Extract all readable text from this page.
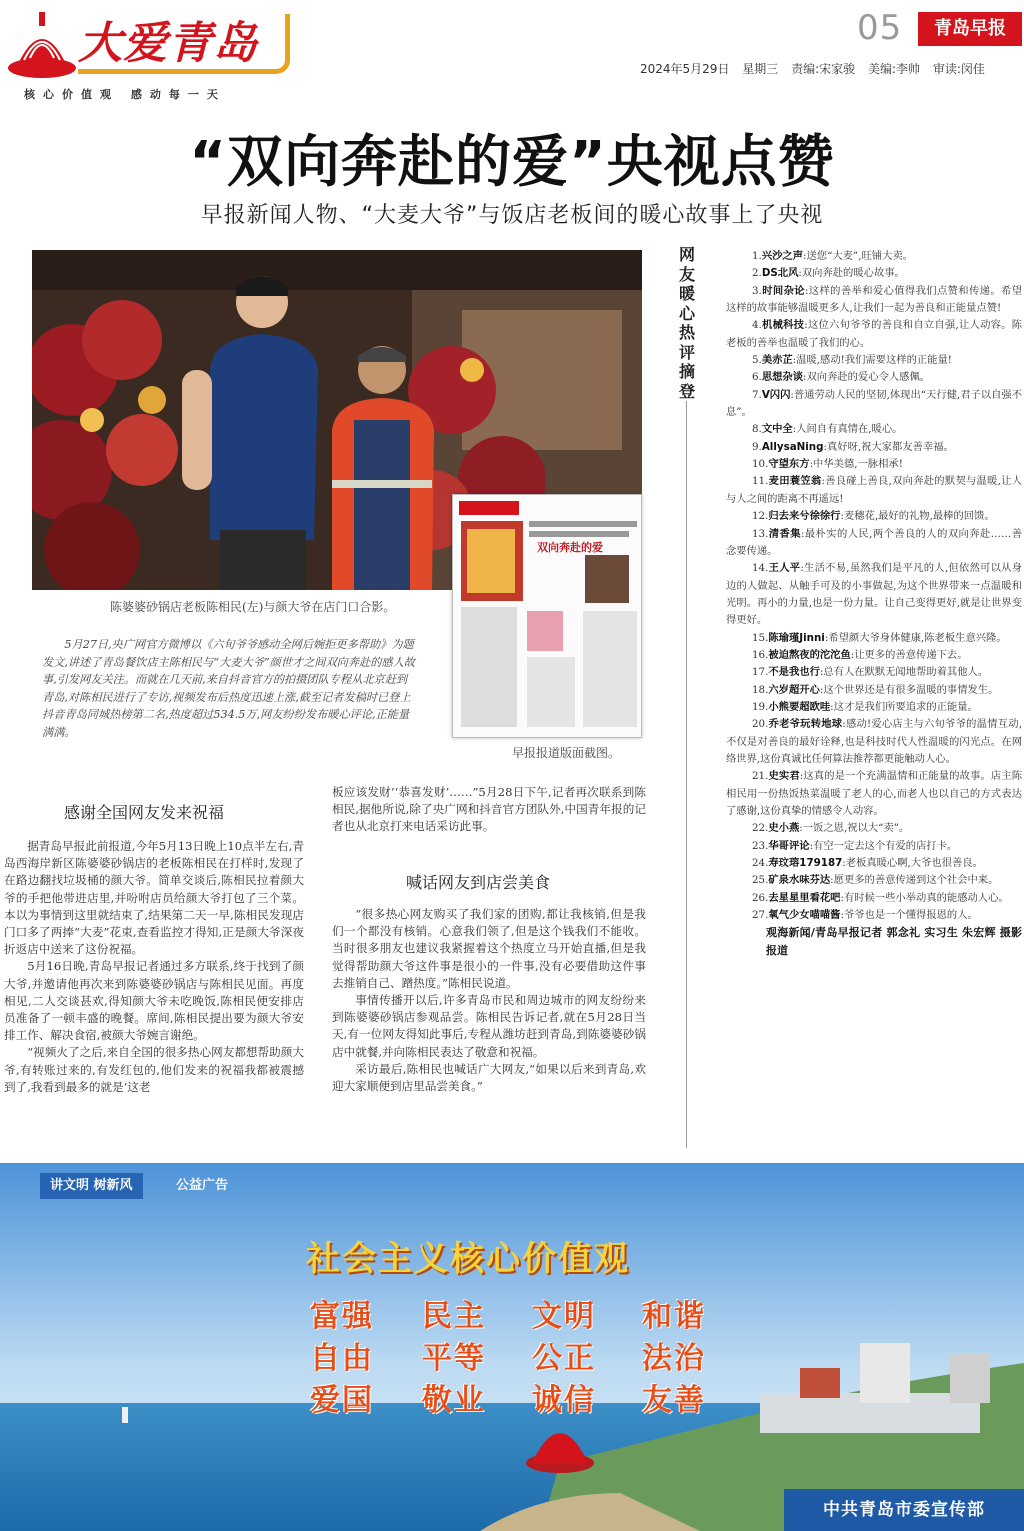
大爱青岛
核心价值观 感动每一天
05	青岛早报
2024年5月29日 星期三 责编:宋家骏 美编:李帅 审读:闵佳
“双向奔赴的爱”央视点赞
早报新闻人物、“大麦大爷”与饭店老板间的暖心故事上了央视
陈婆婆砂锅店老板陈相民(左)与颜大爷在店门口合影。
双向奔赴的爱
早报报道版面截图。

5月27日,央广网官方微博以《六旬爷爷感动全网后婉拒更多帮助》为题发文,讲述了青岛餐饮店主陈相民与“大麦大爷”颜世才之间双向奔赴的感人故事,引发网友关注。而就在几天前,来自抖音官方的拍摄团队专程从北京赶到青岛,对陈相民进行了专访,视频发布后热度迅速上涨,截至记者发稿时已登上抖音青岛同城热榜第二名,热度超过534.5万,网友纷纷发布暖心评论,正能量满满。

感谢全国网友发来祝福

据青岛早报此前报道,今年5月13日晚上10点半左右,青岛西海岸新区陈婆婆砂锅店的老板陈相民在打样时,发现了在路边翻找垃圾桶的颜大爷。简单交谈后,陈相民拉着颜大爷的手把他带进店里,并吩咐店员给颜大爷打包了三个菜。本以为事情到这里就结束了,结果第二天一早,陈相民发现店门口多了两捧“大麦”花束,查看监控才得知,正是颜大爷深夜折返店中送来了这份祝福。

5月16日晚,青岛早报记者通过多方联系,终于找到了颜大爷,并邀请他再次来到陈婆婆砂锅店与陈相民见面。再度相见,二人交谈甚欢,得知颜大爷未吃晚饭,陈相民便安排店员准备了一顿丰盛的晚餐。席间,陈相民提出要为颜大爷安排工作、解决食宿,被颜大爷婉言谢绝。

“视频火了之后,来自全国的很多热心网友都想帮助颜大爷,有转账过来的,有发红包的,他们发来的祝福我都被震撼到了,我看到最多的就是‘这老

板应该发财’‘恭喜发财’……”5月28日下午,记者再次联系到陈相民,据他所说,除了央广网和抖音官方团队外,中国青年报的记者也从北京打来电话采访此事。

喊话网友到店尝美食

“很多热心网友购买了我们家的团购,都让我核销,但是我们一个都没有核销。心意我们领了,但是这个钱我们不能收。当时很多朋友也建议我紧握着这个热度立马开始直播,但是我觉得帮助颜大爷这件事是很小的一件事,没有必要借助这件事去推销自己、蹭热度。”陈相民说道。

事情传播开以后,许多青岛市民和周边城市的网友纷纷来到陈婆婆砂锅店参观品尝。陈相民告诉记者,就在5月28日当天,有一位网友得知此事后,专程从潍坊赶到青岛,到陈婆婆砂锅店中就餐,并向陈相民表达了敬意和祝福。

采访最后,陈相民也喊话广大网友,“如果以后来到青岛,欢迎大家顺便到店里品尝美食。”

网友暖心热评摘登
1.兴沙之声:送您“大麦”,旺铺大卖。
2.DS北风:双向奔赴的暖心故事。
3.时间杂论:这样的善举和爱心值得我们点赞和传递。希望这样的故事能够温暖更多人,让我们一起为善良和正能量点赞!
4.机械科技:这位六旬爷爷的善良和自立自强,让人动容。陈老板的善举也温暖了我们的心。
5.美赤芷:温暖,感动!我们需要这样的正能量!
6.思想杂谈:双向奔赴的爱心令人感佩。
7.V闪闪:普通劳动人民的坚韧,体现出“天行健,君子以自强不息”。
8.文中全:人间自有真情在,暖心。
9.AllysaNing:真好呀,祝大家都友善幸福。
10.守望东方:中华美德,一脉相承!
11.麦田蓑笠翁:善良碰上善良,双向奔赴的默契与温暖,让人与人之间的距离不再遥远!
12.归去来兮徐徐行:麦穗花,最好的礼物,最棒的回馈。
13.清香集:最朴实的人民,两个善良的人的双向奔赴……善念要传递。
14.王人平:生活不易,虽然我们是平凡的人,但依然可以从身边的人做起、从触手可及的小事做起,为这个世界带来一点温暖和光明。再小的力量,也是一份力量。让自己变得更好,就是让世界变得更好。
15.陈瑜瑾Jinni:希望颜大爷身体健康,陈老板生意兴隆。
16.被迫熬夜的沱沱鱼:让更多的善意传递下去。
17.不是我也行:总有人在默默无闻地帮助着其他人。
18.六岁超开心:这个世界还是有很多温暖的事情发生。
19.小熊要超欧哇:这才是我们所要追求的正能量。
20.乔老爷玩转地球:感动!爱心店主与六旬爷爷的温情互动,不仅是对善良的最好诠释,也是科技时代人性温暖的闪光点。在网络世界,这份真诚比任何算法推荐都更能触动人心。
21.史实君:这真的是一个充满温情和正能量的故事。店主陈相民用一份热饭热菜温暖了老人的心,而老人也以自己的方式表达了感谢,这份真挚的情感令人动容。
22.史小燕:一饭之恩,祝以大“卖”。
23.华哥评论:有空一定去这个有爱的店打卡。
24.寿玟瑢179187:老板真暖心啊,大爷也很善良。
25.矿泉水味芬达:愿更多的善意传递到这个社会中来。
26.去星星里看花吧:有时候一些小举动真的能感动人心。
27.氧气少女喵喵酱:爷爷也是一个懂得报恩的人。
观海新闻/青岛早报记者 郭念礼 实习生 朱宏辉 摄影报道
讲文明 树新风	公益广告
社会主义核心价值观
富强	民主	文明	和谐
自由	平等	公正	法治
爱国	敬业	诚信	友善
中共青岛市委宣传部
